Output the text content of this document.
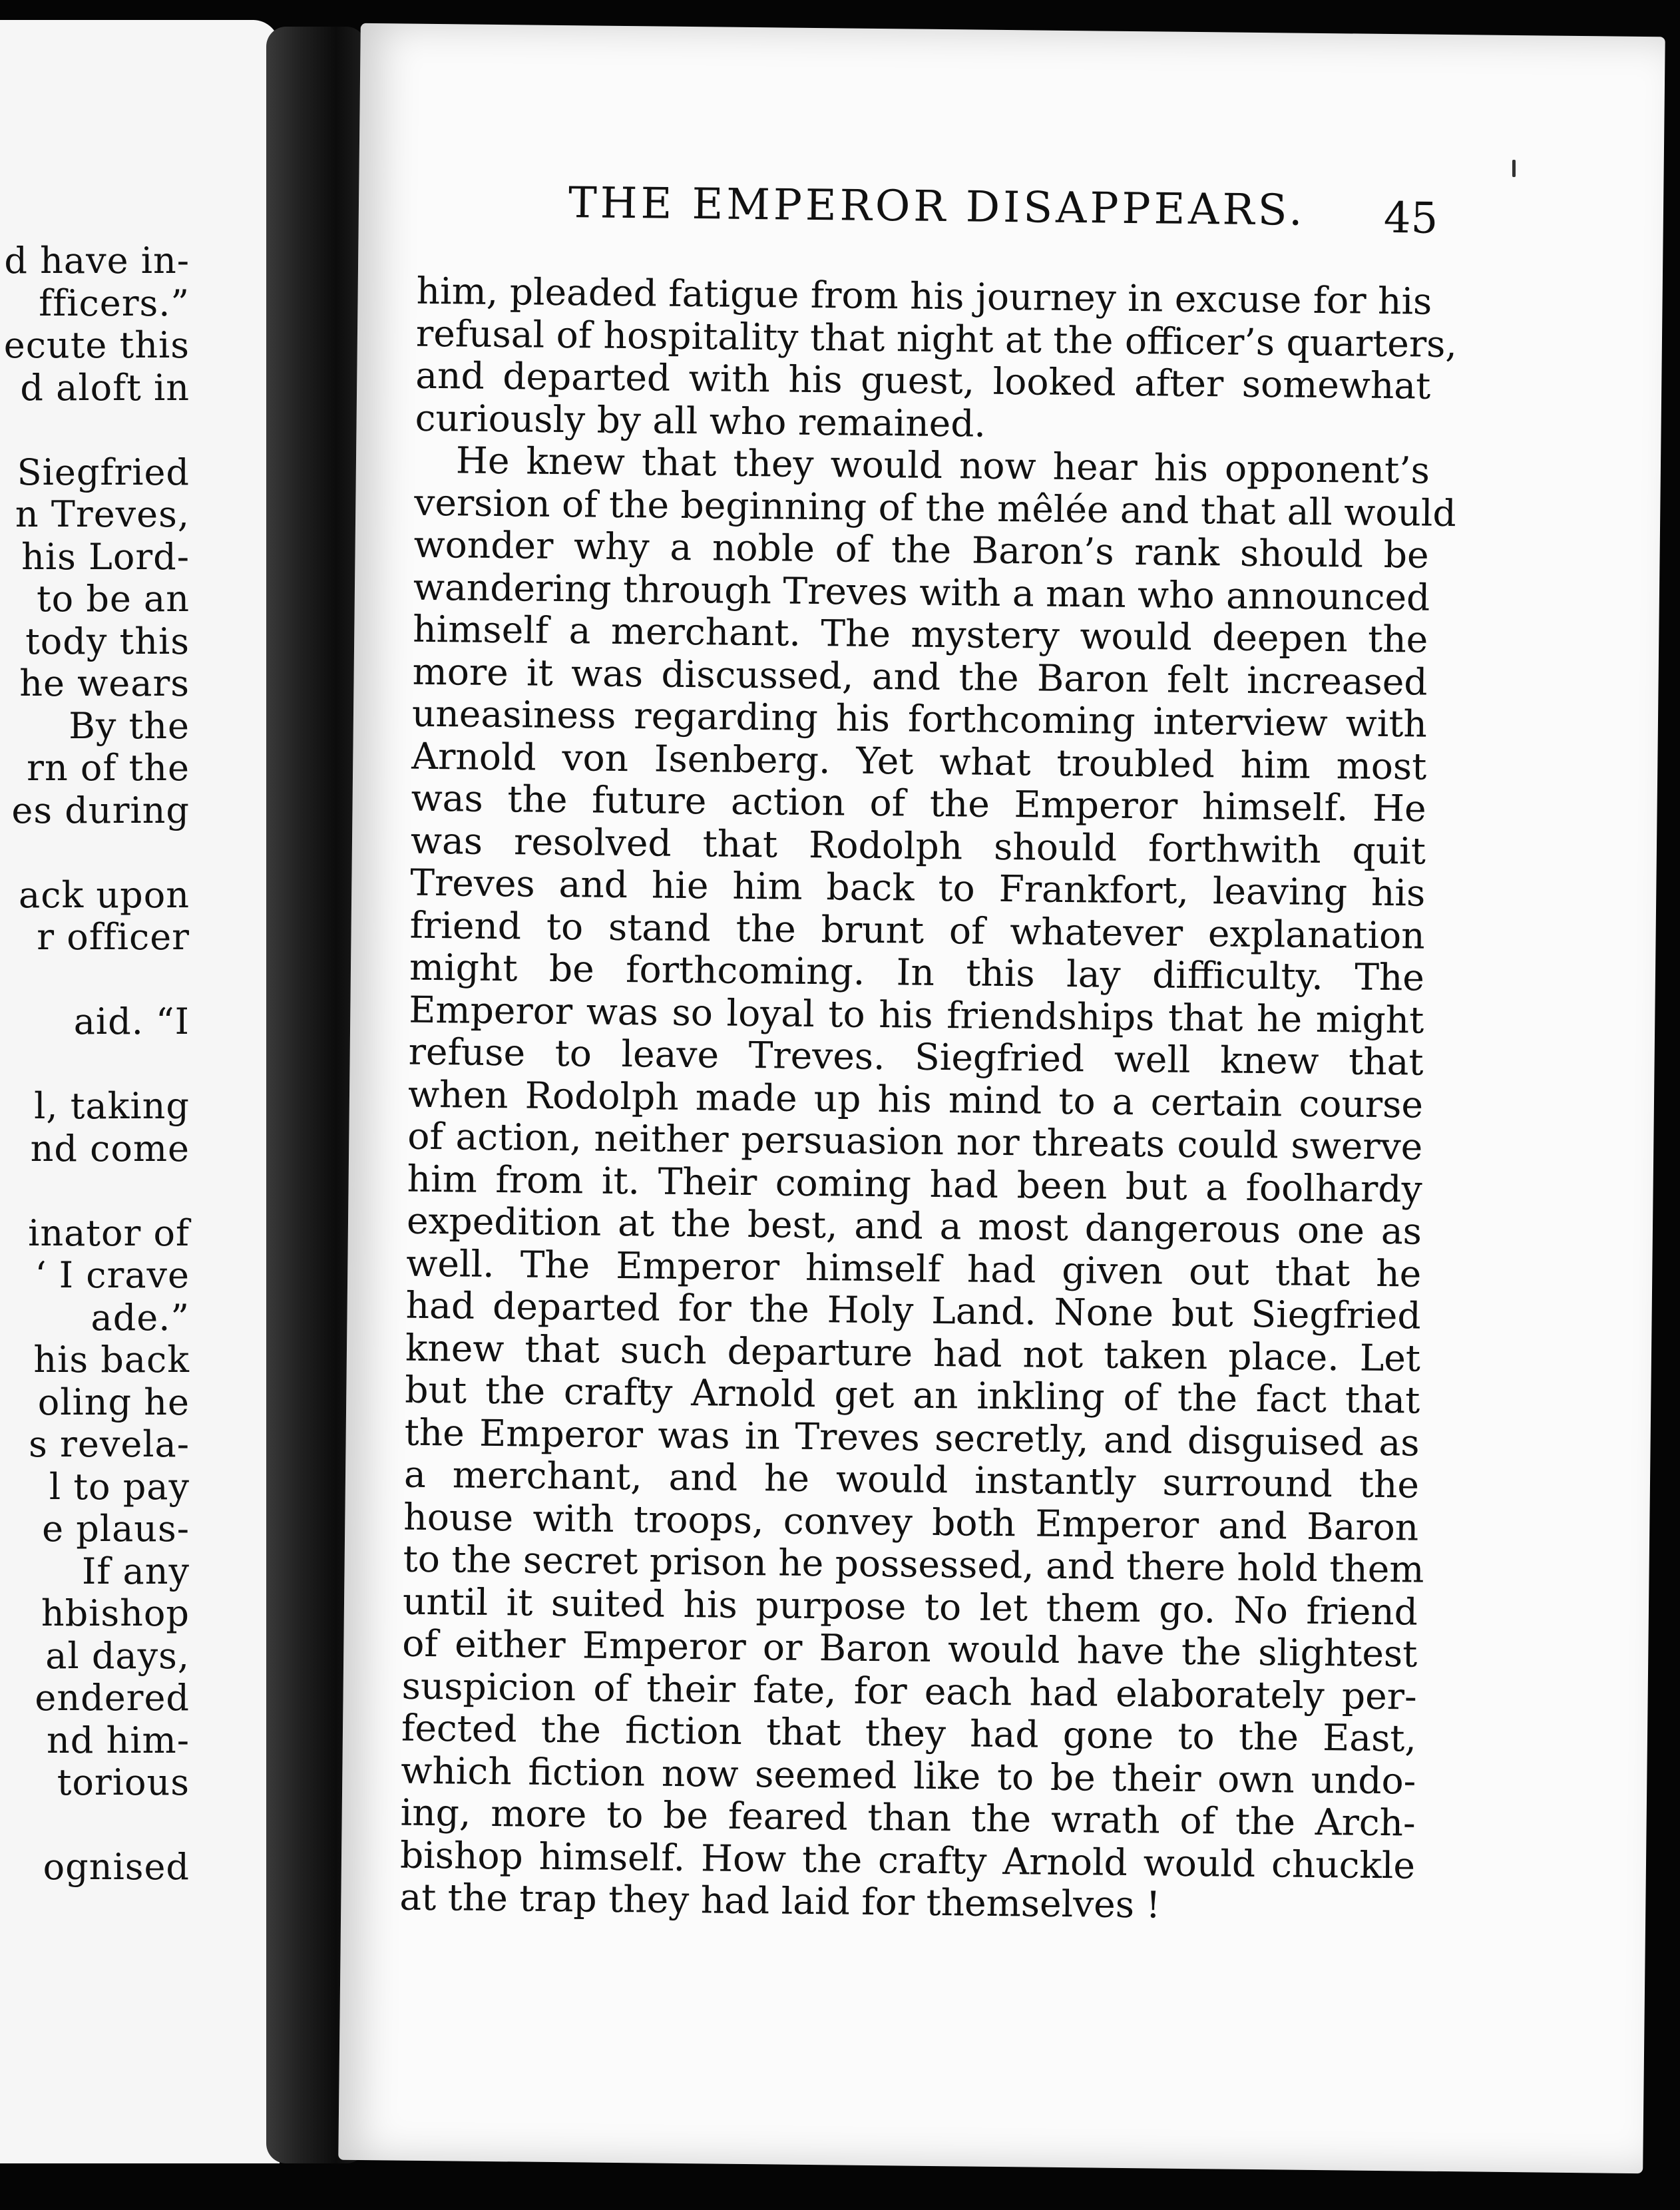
d have in-
fficers.”
ecute this
d aloft in
Siegfried
n Treves,
his Lord-
to be an
tody this
he wears
By the
rn of the
es during
ack upon
r officer
aid. “I
l, taking
nd come
inator of
‘ I crave
ade.”
his back
oling he
s revela-
l to pay
e plaus-
If any
hbishop
al days,
endered
nd him-
torious
ognised
THE EMPEROR DISAPPEARS. 45
him, pleaded fatigue from his journey in excuse for his
refusal of hospitality that night at the officer’s quarters,
and departed with his guest, looked after somewhat
curiously by all who remained.
He knew that they would now hear his opponent’s
version of the beginning of the mêlée and that all would
wonder why a noble of the Baron’s rank should be
wandering through Treves with a man who announced
himself a merchant. The mystery would deepen the
more it was discussed, and the Baron felt increased
uneasiness regarding his forthcoming interview with
Arnold von Isenberg. Yet what troubled him most
was the future action of the Emperor himself. He
was resolved that Rodolph should forthwith quit
Treves and hie him back to Frankfort, leaving his
friend to stand the brunt of whatever explanation
might be forthcoming. In this lay difficulty. The
Emperor was so loyal to his friendships that he might
refuse to leave Treves. Siegfried well knew that
when Rodolph made up his mind to a certain course
of action, neither persuasion nor threats could swerve
him from it. Their coming had been but a foolhardy
expedition at the best, and a most dangerous one as
well. The Emperor himself had given out that he
had departed for the Holy Land. None but Siegfried
knew that such departure had not taken place. Let
but the crafty Arnold get an inkling of the fact that
the Emperor was in Treves secretly, and disguised as
a merchant, and he would instantly surround the
house with troops, convey both Emperor and Baron
to the secret prison he possessed, and there hold them
until it suited his purpose to let them go. No friend
of either Emperor or Baron would have the slightest
suspicion of their fate, for each had elaborately per-
fected the fiction that they had gone to the East,
which fiction now seemed like to be their own undo-
ing, more to be feared than the wrath of the Arch-
bishop himself. How the crafty Arnold would chuckle
at the trap they had laid for themselves !
